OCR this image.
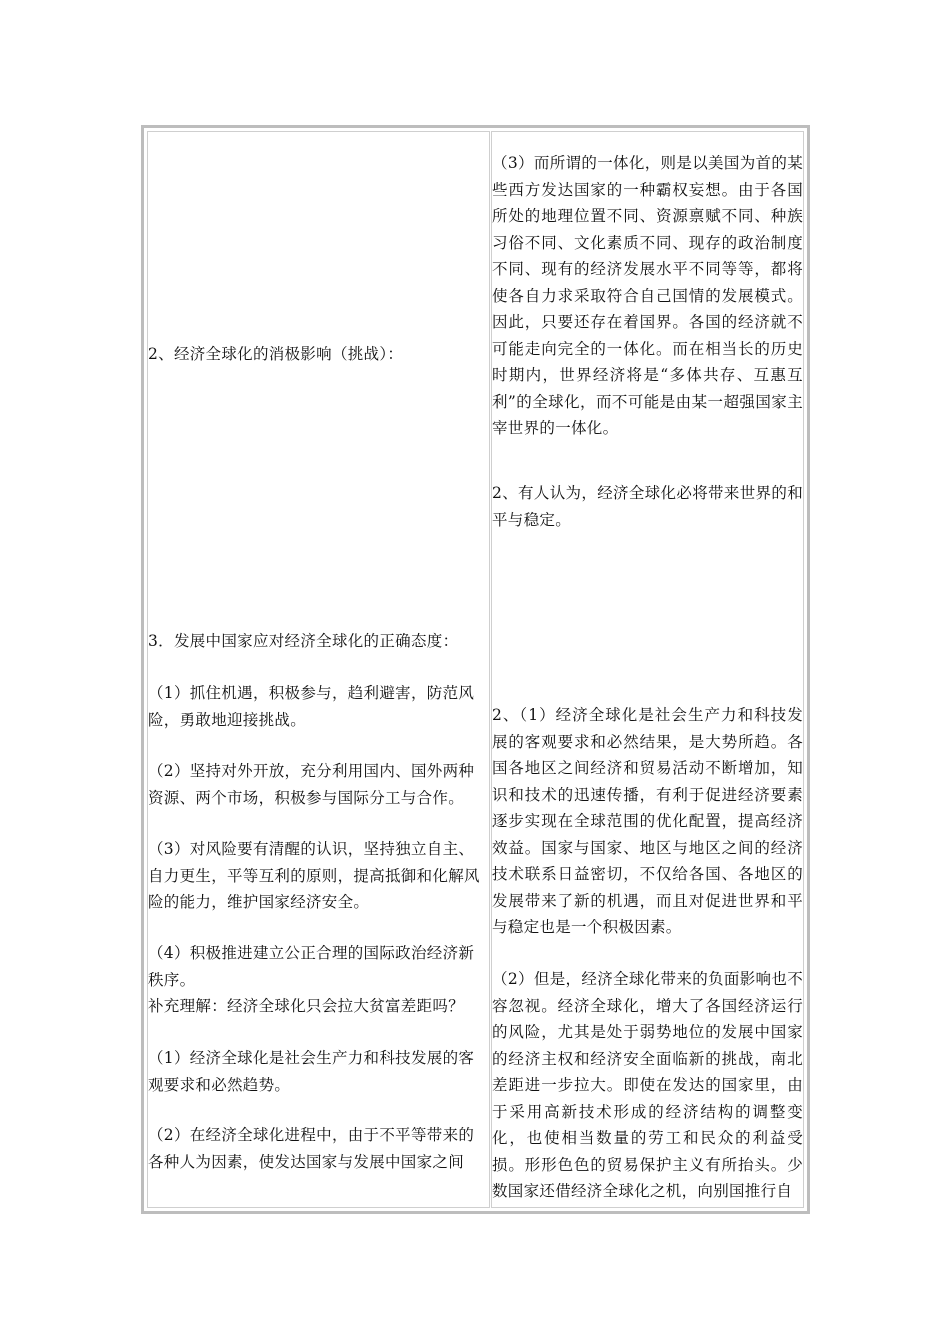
2、经济全球化的消极影响（挑战）：

3．发展中国家应对经济全球化的正确态度：

（1）抓住机遇，积极参与，趋利避害，防范风险，勇敢地迎接挑战。

（2）坚持对外开放，充分利用国内、国外两种资源、两个市场，积极参与国际分工与合作。

（3）对风险要有清醒的认识，坚持独立自主、自力更生，平等互利的原则，提高抵御和化解风险的能力，维护国家经济安全。

（4）积极推进建立公正合理的国际政治经济新秩序。

补充理解：经济全球化只会拉大贫富差距吗？

（1）经济全球化是社会生产力和科技发展的客观要求和必然趋势。

（2）在经济全球化进程中，由于不平等带来的各种人为因素，使发达国家与发展中国家之间

（3）而所谓的一体化，则是以美国为首的某些西方发达国家的一种霸权妄想。由于各国所处的地理位置不同、资源禀赋不同、种族习俗不同、文化素质不同、现存的政治制度不同、现有的经济发展水平不同等等，都将使各自力求采取符合自己国情的发展模式。因此，只要还存在着国界。各国的经济就不可能走向完全的一体化。而在相当长的历史时期内，世界经济将是“多体共存、互惠互利”的全球化，而不可能是由某一超强国家主宰世界的一体化。

2、有人认为，经济全球化必将带来世界的和平与稳定。

2、（1）经济全球化是社会生产力和科技发展的客观要求和必然结果，是大势所趋。各国各地区之间经济和贸易活动不断增加，知识和技术的迅速传播，有利于促进经济要素逐步实现在全球范围的优化配置，提高经济效益。国家与国家、地区与地区之间的经济技术联系日益密切，不仅给各国、各地区的发展带来了新的机遇，而且对促进世界和平与稳定也是一个积极因素。

（2）但是，经济全球化带来的负面影响也不容忽视。经济全球化，增大了各国经济运行的风险，尤其是处于弱势地位的发展中国家的经济主权和经济安全面临新的挑战，南北差距进一步拉大。即使在发达的国家里，由于采用高新技术形成的经济结构的调整变化，也使相当数量的劳工和民众的利益受损。形形色色的贸易保护主义有所抬头。少数国家还借经济全球化之机，向别国推行自
